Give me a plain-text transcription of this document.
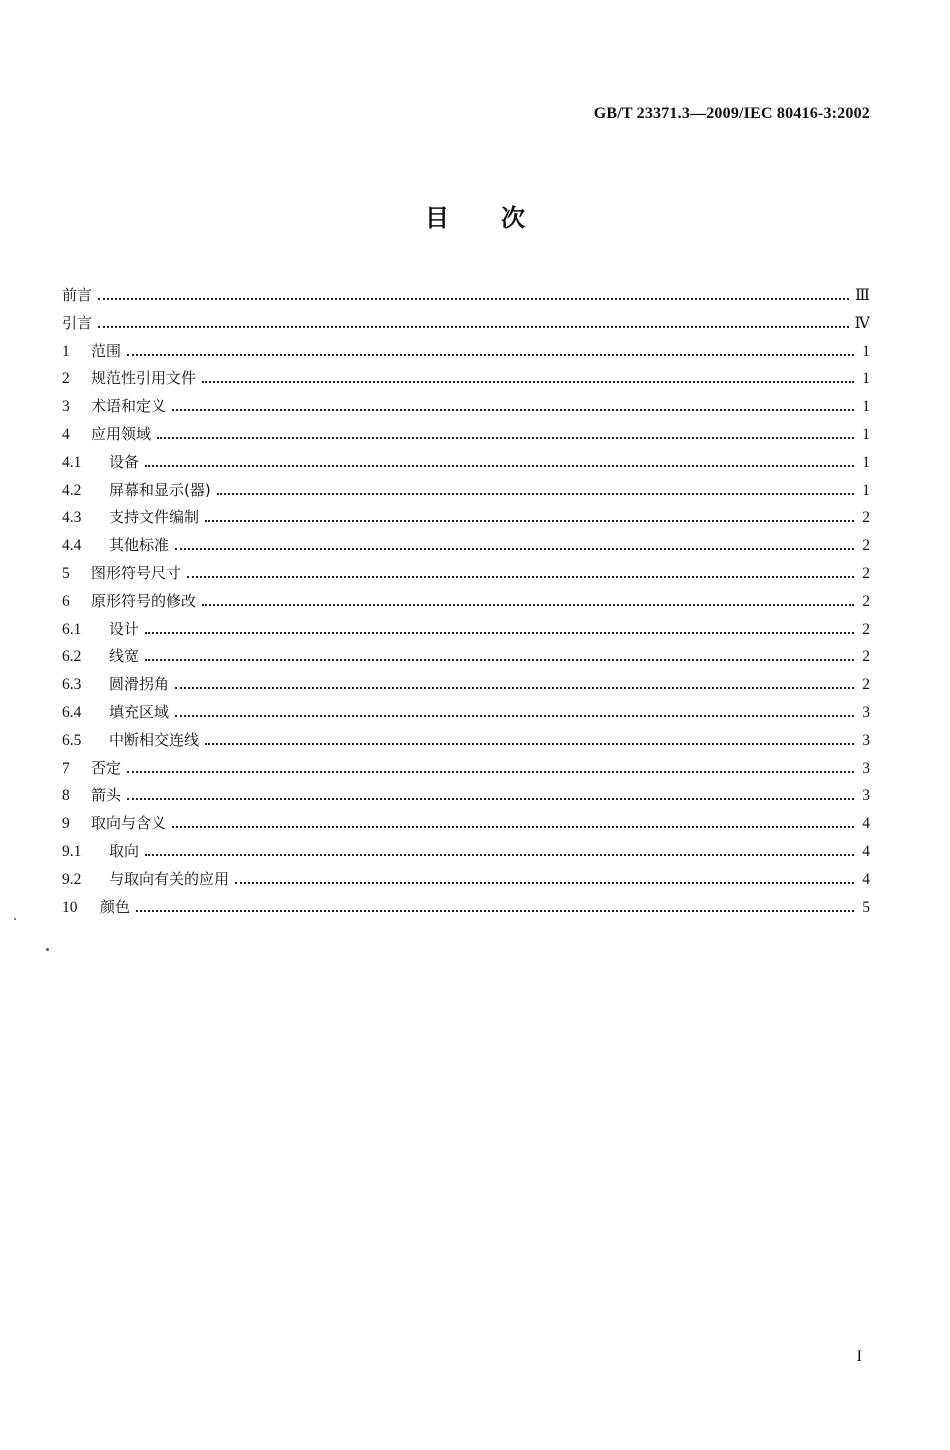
GB/T 23371.3—2009/IEC 80416-3:2002
目次
前言	Ⅲ
引言	Ⅳ
1	范围	1
2	规范性引用文件	1
3	术语和定义	1
4	应用领域	1
4.1	设备	1
4.2	屏幕和显示(器)	1
4.3	支持文件编制	2
4.4	其他标准	2
5	图形符号尺寸	2
6	原形符号的修改	2
6.1	设计	2
6.2	线宽	2
6.3	圆滑拐角	2
6.4	填充区域	3
6.5	中断相交连线	3
7	否定	3
8	箭头	3
9	取向与含义	4
9.1	取向	4
9.2	与取向有关的应用	4
10	颜色	5
I
